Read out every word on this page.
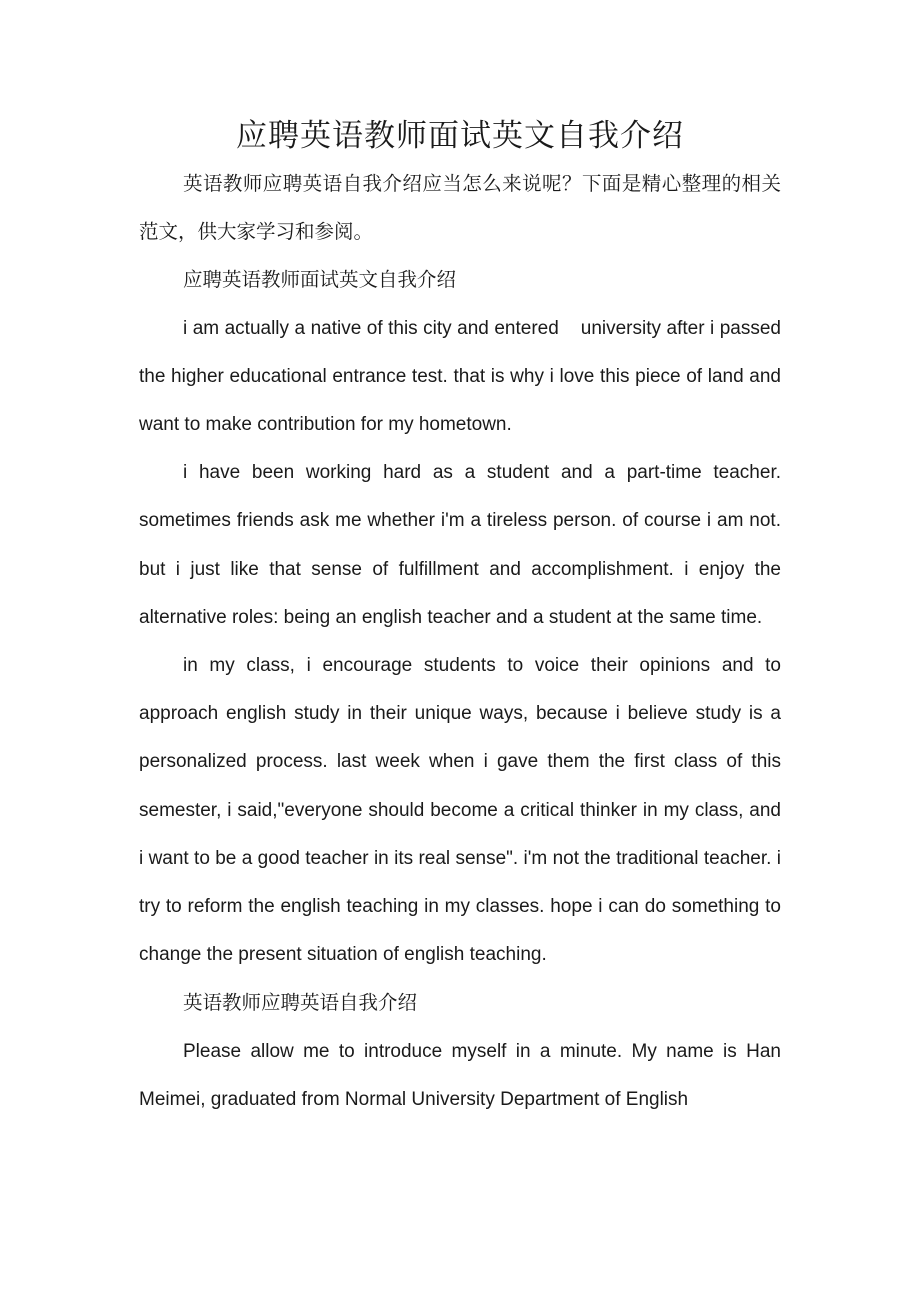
应聘英语教师面试英文自我介绍

英语教师应聘英语自我介绍应当怎么来说呢？下面是精心整理的相关范文，供大家学习和参阅。

应聘英语教师面试英文自我介绍

i am actually a native of this city and entered    university after i passed the higher educational entrance test. that is why i love this piece of land and want to make contribution for my hometown.

i have been working hard as a student and a part-time teacher. sometimes friends ask me whether i'm a tireless person. of course i am not. but i just like that sense of fulfillment and accomplishment. i enjoy the alternative roles: being an english teacher and a student at the same time.

in my class, i encourage students to voice their opinions and to approach english study in their unique ways, because i believe study is a personalized process. last week when i gave them the first class of this semester, i said,"everyone should become a critical thinker in my class, and i want to be a good teacher in its real sense". i'm not the traditional teacher. i try to reform the english teaching in my classes. hope i can do something to change the present situation of english teaching.

英语教师应聘英语自我介绍

Please allow me to introduce myself in a minute. My name is Han Meimei, graduated from Normal University Department of English
